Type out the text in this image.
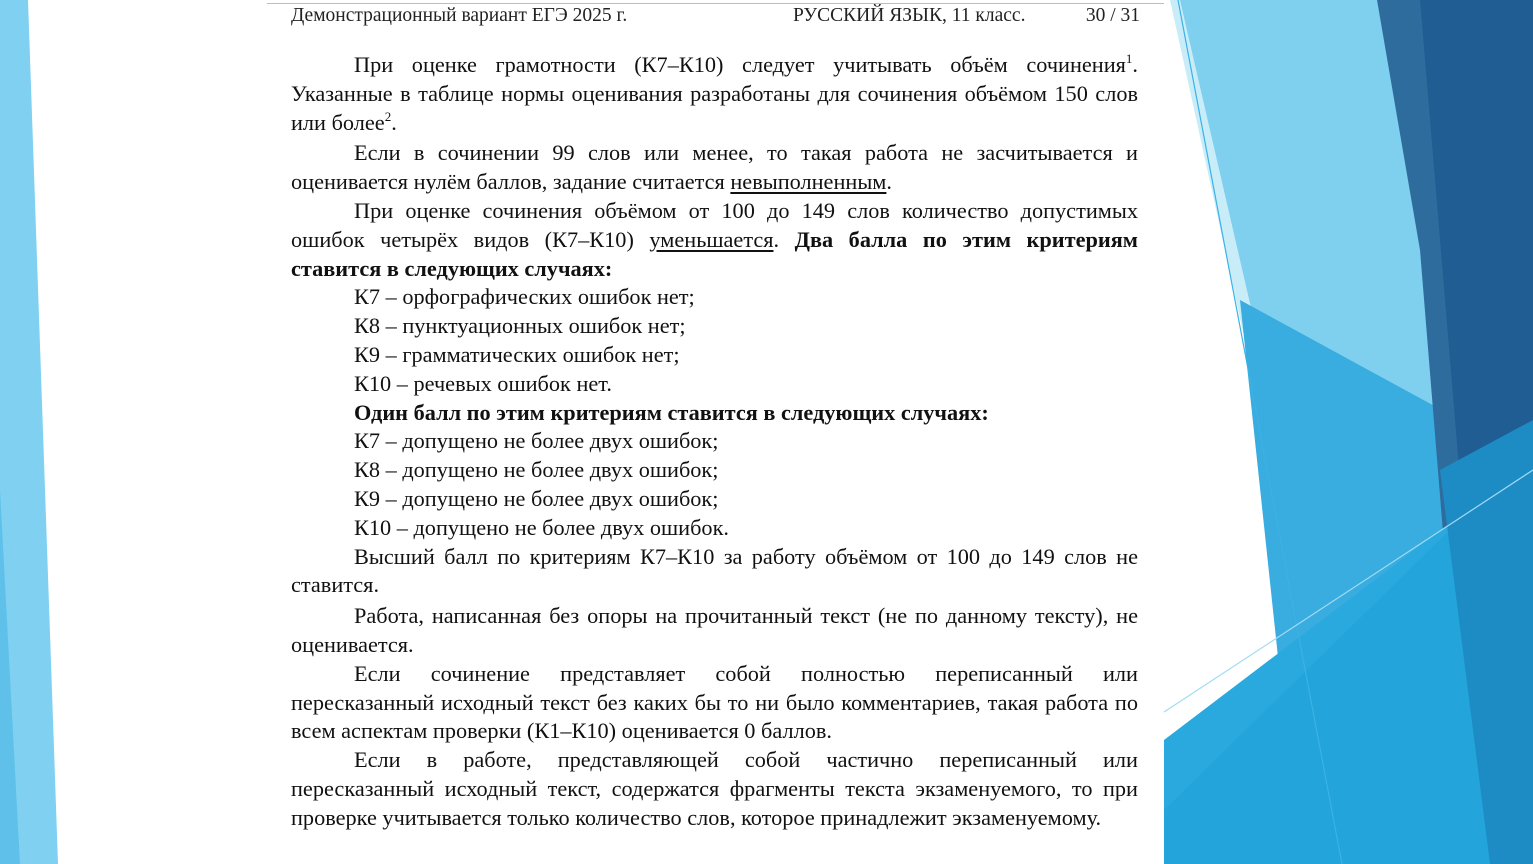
Демонстрационный вариант ЕГЭ 2025 г.	РУССКИЙ ЯЗЫК, 11 класс.	30 / 31

При оценке грамотности (К7–К10) следует учитывать объём сочинения$^1$. Указанные в таблице нормы оценивания разработаны для сочинения объёмом 150 слов или более$^2$.

Если в сочинении 99 слов или менее, то такая работа не засчитывается и оценивается нулём баллов, задание считается невыполненным.

При оценке сочинения объёмом от 100 до 149 слов количество допустимых ошибок четырёх видов (К7–К10) уменьшается. Два балла по этим критериям ставится в следующих случаях:

К7 – орфографических ошибок нет;

К8 – пунктуационных ошибок нет;

К9 – грамматических ошибок нет;

К10 – речевых ошибок нет.

Один балл по этим критериям ставится в следующих случаях:

К7 – допущено не более двух ошибок;

К8 – допущено не более двух ошибок;

К9 – допущено не более двух ошибок;

К10 – допущено не более двух ошибок.

Высший балл по критериям К7–К10 за работу объёмом от 100 до 149 слов не ставится.

Работа, написанная без опоры на прочитанный текст (не по данному тексту), не оценивается.

Если сочинение представляет собой полностью переписанный или пересказанный исходный текст без каких бы то ни было комментариев, такая работа по всем аспектам проверки (К1–К10) оценивается 0 баллов.

Если в работе, представляющей собой частично переписанный или пересказанный исходный текст, содержатся фрагменты текста экзаменуемого, то при проверке учитывается только количество слов, которое принадлежит экзаменуемому.
